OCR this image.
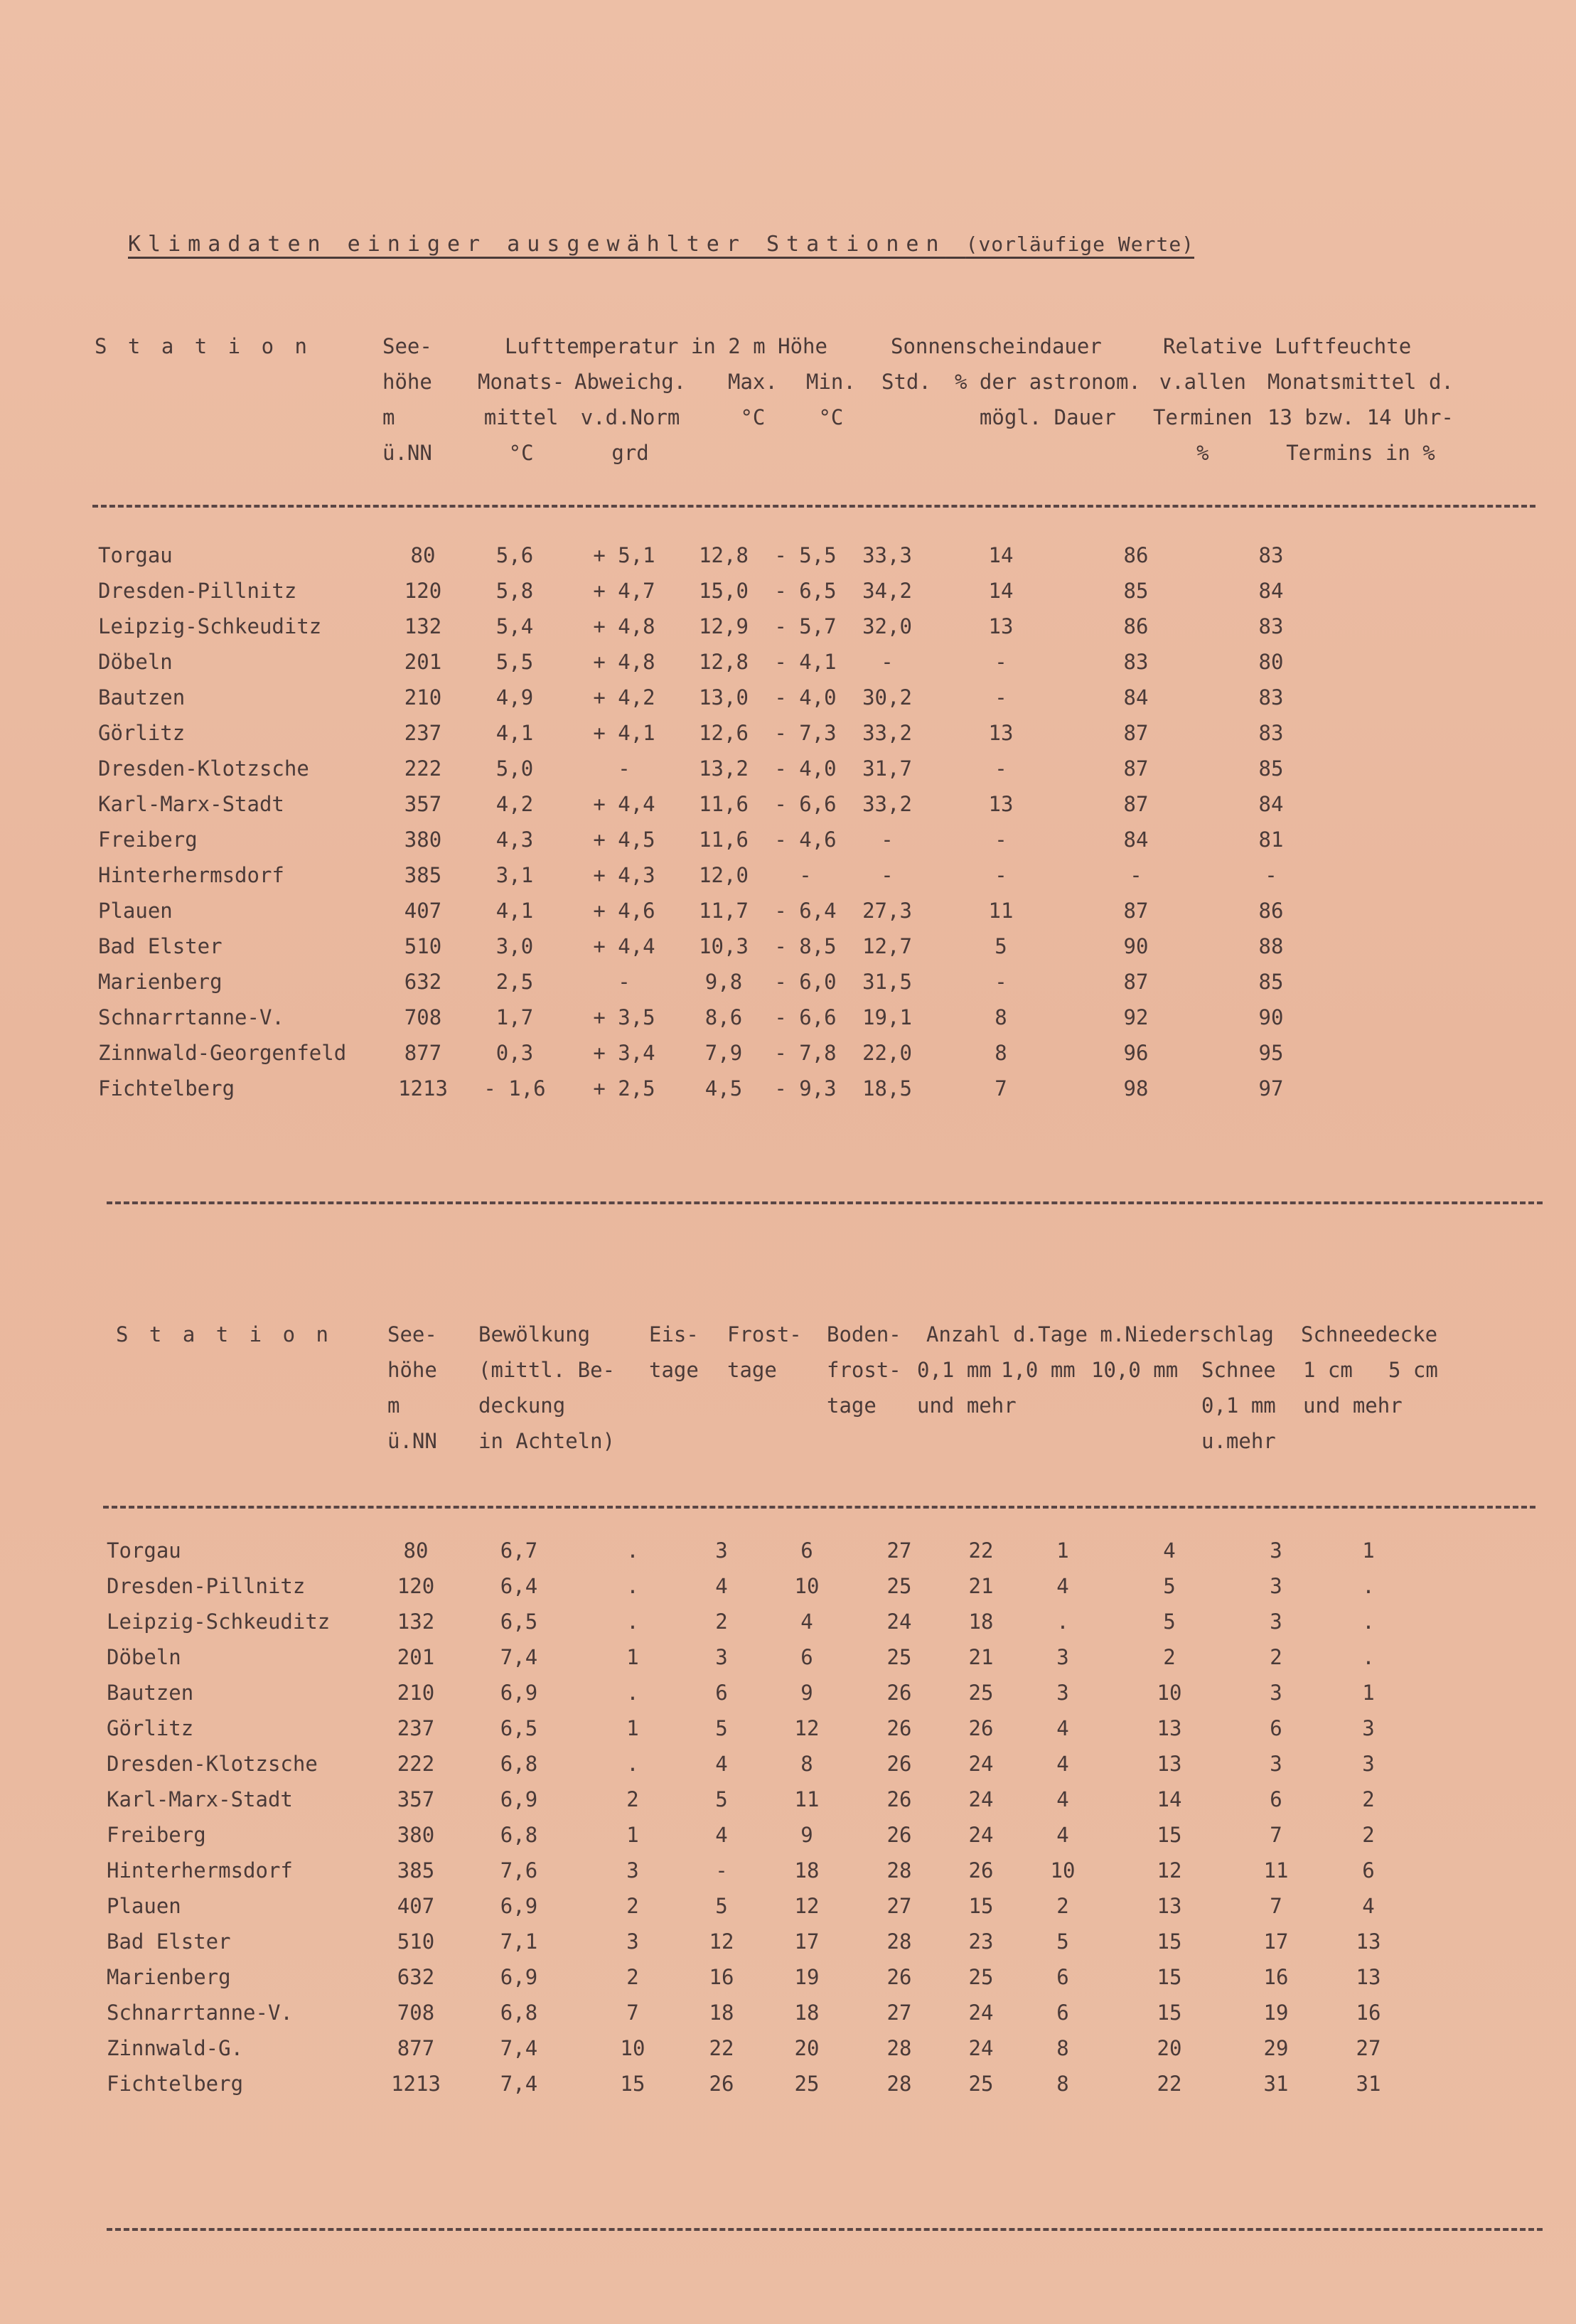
Klimadaten einiger ausgewählter Stationen (vorläufige Werte)
S t a t i o n	See-
höhe
m
ü.NN
Lufttemperatur in 2 m Höhe
Monats-
mittel
°C
Abweichg.
v.d.Norm
grd
Max.
°C
Min.
°C
Sonnenscheindauer
Std. % der astronom.
mögl. Dauer
Relative Luftfeuchte
v.allen
Terminen
%
Monatsmittel d.
13 bzw. 14 Uhr-
Termins in %
Torgau	80	5,6	+ 5,1	12,8	- 5,5	33,3	14	86	83
Dresden-Pillnitz	120	5,8	+ 4,7	15,0	- 6,5	34,2	14	85	84
Leipzig-Schkeuditz	132	5,4	+ 4,8	12,9	- 5,7	32,0	13	86	83
Döbeln	201	5,5	+ 4,8	12,8	- 4,1	-	-	83	80
Bautzen	210	4,9	+ 4,2	13,0	- 4,0	30,2	-	84	83
Görlitz	237	4,1	+ 4,1	12,6	- 7,3	33,2	13	87	83
Dresden-Klotzsche	222	5,0	-	13,2	- 4,0	31,7	-	87	85
Karl-Marx-Stadt	357	4,2	+ 4,4	11,6	- 6,6	33,2	13	87	84
Freiberg	380	4,3	+ 4,5	11,6	- 4,6	-	-	84	81
Hinterhermsdorf	385	3,1	+ 4,3	12,0	-	-	-	-	-
Plauen	407	4,1	+ 4,6	11,7	- 6,4	27,3	11	87	86
Bad Elster	510	3,0	+ 4,4	10,3	- 8,5	12,7	5	90	88
Marienberg	632	2,5	-	9,8	- 6,0	31,5	-	87	85
Schnarrtanne-V.	708	1,7	+ 3,5	8,6	- 6,6	19,1	8	92	90
Zinnwald-Georgenfeld	877	0,3	+ 3,4	7,9	- 7,8	22,0	8	96	95
Fichtelberg	1213	- 1,6	+ 2,5	4,5	- 9,3	18,5	7	98	97
S t a t i o n	See-
höhe
m
ü.NN
Bewölkung
(mittl. Be-
deckung
in Achteln)
Eis-
tage
Frost-
tage
Boden-
frost-
tage
Anzahl d.Tage m.Niederschlag
0,1 mm
und mehr
1,0 mm 10,0 mm Schnee
0,1 mm
u.mehr
Schneedecke
1 cm
und mehr
5 cm
Torgau	80	6,7	.	3	6	27	22	1	4	3	1
Dresden-Pillnitz	120	6,4	.	4	10	25	21	4	5	3	.
Leipzig-Schkeuditz	132	6,5	.	2	4	24	18	.	5	3	.
Döbeln	201	7,4	1	3	6	25	21	3	2	2	.
Bautzen	210	6,9	.	6	9	26	25	3	10	3	1
Görlitz	237	6,5	1	5	12	26	26	4	13	6	3
Dresden-Klotzsche	222	6,8	.	4	8	26	24	4	13	3	3
Karl-Marx-Stadt	357	6,9	2	5	11	26	24	4	14	6	2
Freiberg	380	6,8	1	4	9	26	24	4	15	7	2
Hinterhermsdorf	385	7,6	3	-	18	28	26	10	12	11	6
Plauen	407	6,9	2	5	12	27	15	2	13	7	4
Bad Elster	510	7,1	3	12	17	28	23	5	15	17	13
Marienberg	632	6,9	2	16	19	26	25	6	15	16	13
Schnarrtanne-V.	708	6,8	7	18	18	27	24	6	15	19	16
Zinnwald-G.	877	7,4	10	22	20	28	24	8	20	29	27
Fichtelberg	1213	7,4	15	26	25	28	25	8	22	31	31
